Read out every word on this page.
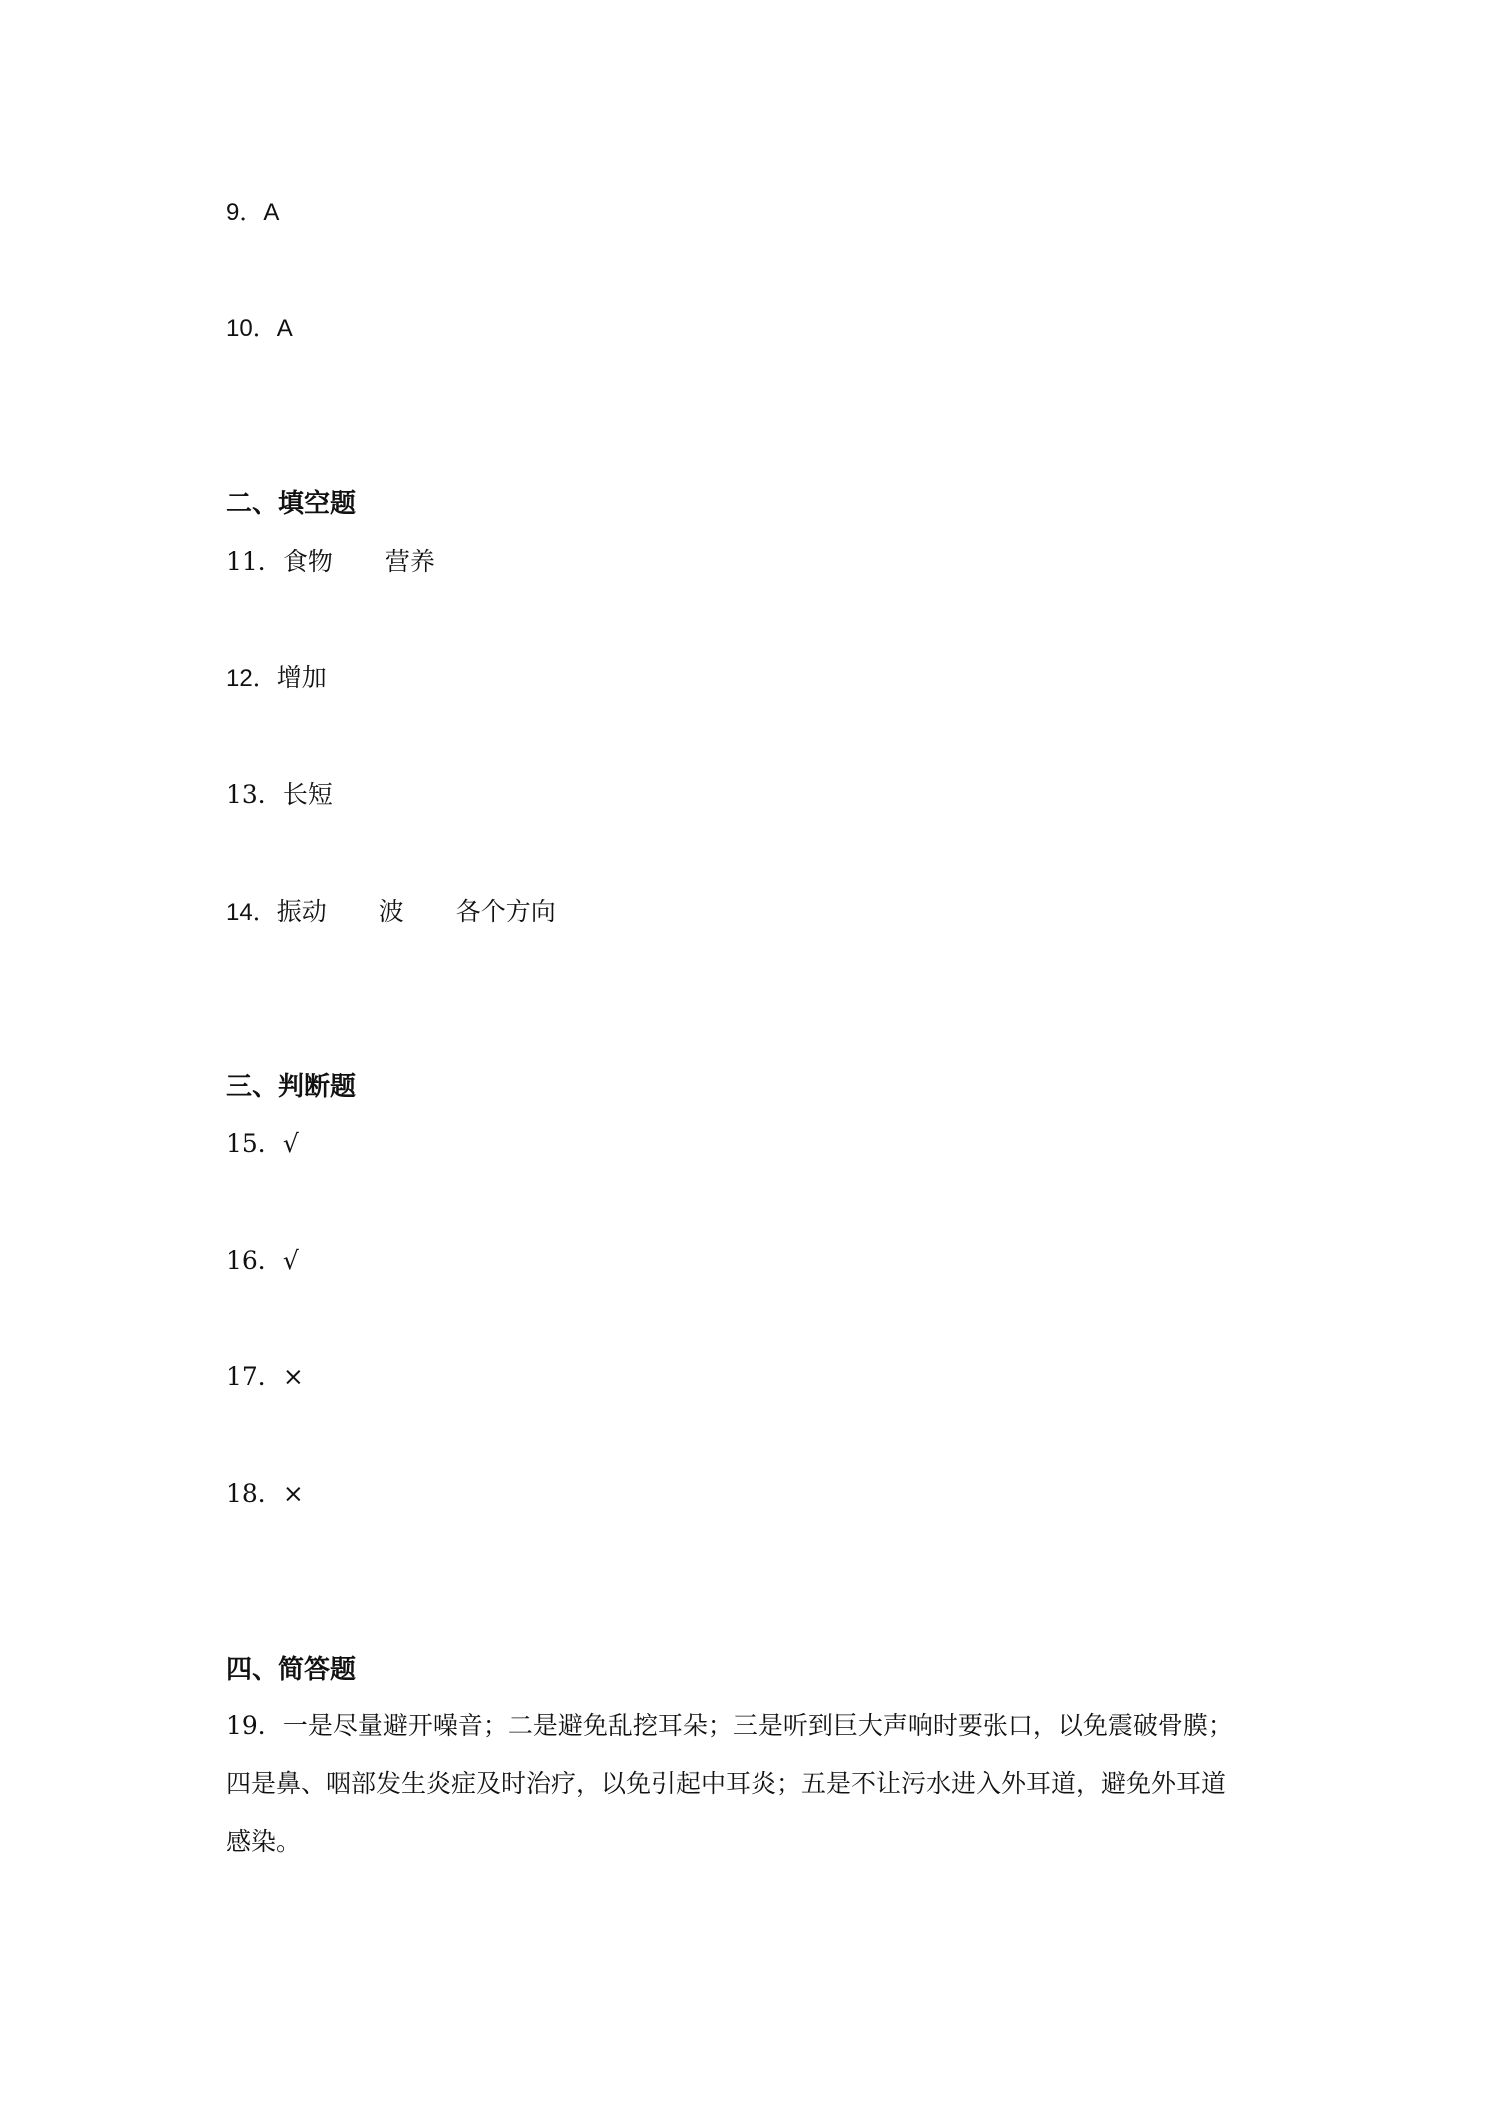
9．A
10．A
二、填空题
11．食物 营养
12．增加
13．长短
14．振动 波 各个方向
三、判断题
15．√
16．√
17．×
18．×
四、简答题
19．一是尽量避开噪音；二是避免乱挖耳朵；三是听到巨大声响时要张口，以免震破骨膜；
四是鼻、咽部发生炎症及时治疗，以免引起中耳炎；五是不让污水进入外耳道，避免外耳道
感染。
